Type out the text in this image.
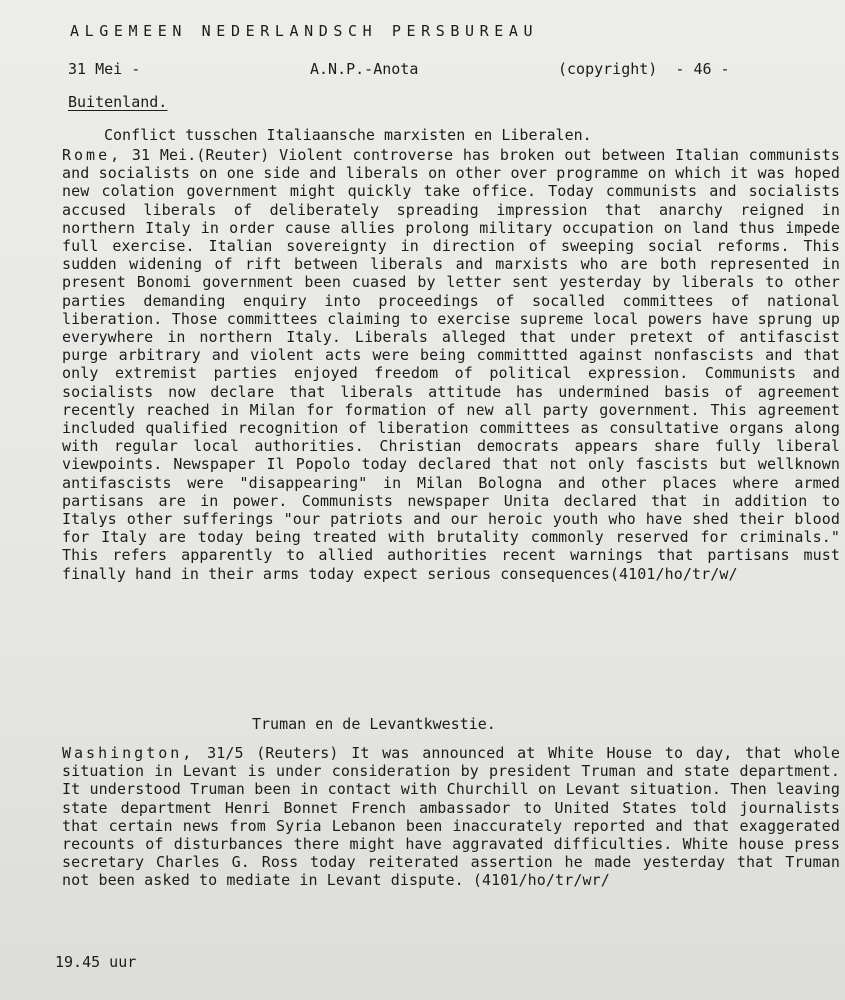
ALGEMEEN NEDERLANDSCH PERSBUREAU
31 Mei -	A.N.P.-Anota	(copyright) - 46 -
Buitenland.
Conflict tusschen Italiaansche marxisten en Liberalen.
Rome, 31 Mei.(Reuter) Violent controverse has broken out between Italian communists and socialists on one side and liberals on other over programme on which it was hoped new colation government might quickly take office. Today communists and socialists accused liberals of deliberately spreading impression that anarchy reigned in northern Italy in order cause allies prolong military occupation on land thus impede full exercise. Italian sovereignty in direction of sweeping social reforms. This sudden widening of rift between liberals and marxists who are both represented in present Bonomi government been cuased by letter sent yesterday by liberals to other parties demanding enquiry into proceedings of socalled committees of national liberation. Those committees claiming to exercise supreme local powers have sprung up everywhere in northern Italy. Liberals alleged that under pretext of antifascist purge arbitrary and violent acts were being committted against nonfascists and that only extremist parties enjoyed freedom of political expression. Communists and socialists now declare that liberals attitude has undermined basis of agreement recently reached in Milan for formation of new all party government. This agreement included qualified recognition of liberation committees as consultative organs along with regular local authorities. Christian democrats appears share fully liberal viewpoints. Newspaper Il Popolo today declared that not only fascists but wellknown antifascists were "disappearing" in Milan Bologna and other places where armed partisans are in power. Communists newspaper Unita declared that in addition to Italys other sufferings "our patriots and our heroic youth who have shed their blood for Italy are today being treated with brutality commonly reserved for criminals." This refers apparently to allied authorities recent warnings that partisans must finally hand in their arms today expect serious consequences(4101/ho/tr/w/
Truman en de Levantkwestie.
Washington, 31/5 (Reuters) It was announced at White House to day, that whole situation in Levant is under consideration by president Truman and state department. It understood Truman been in contact with Churchill on Levant situation. Then leaving state department Henri Bonnet French ambassador to United States told journalists that certain news from Syria Lebanon been inaccurately reported and that exaggerated recounts of disturbances there might have aggravated difficulties. White house press secretary Charles G. Ross today reiterated assertion he made yesterday that Truman not been asked to mediate in Levant dispute. (4101/ho/tr/wr/
19.45 uur
